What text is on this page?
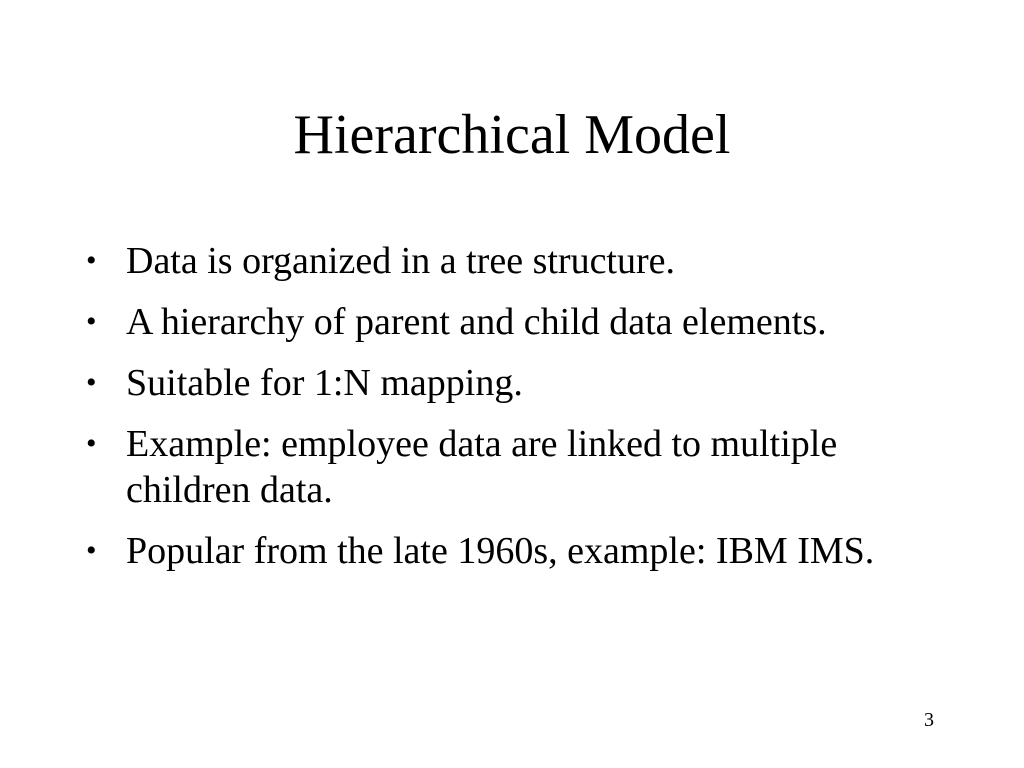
Hierarchical Model
• Data is organized in a tree structure.
• A hierarchy of parent and child data elements.
• Suitable for 1:N mapping.
• Example: employee data are linked to multiple children data.
• Popular from the late 1960s, example: IBM IMS.
3
